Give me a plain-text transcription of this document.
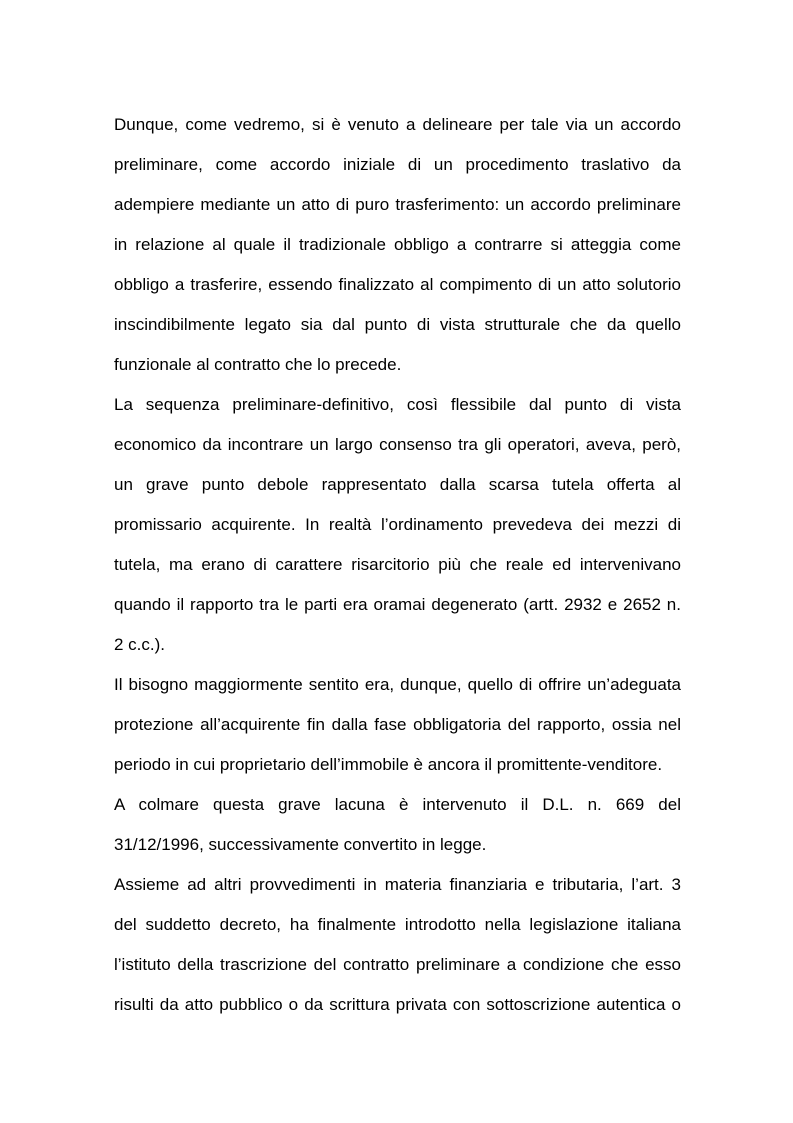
Dunque, come vedremo, si è venuto a delineare per tale via un accordo
preliminare, come accordo iniziale di un procedimento traslativo da
adempiere mediante un atto di puro trasferimento: un accordo preliminare
in relazione al quale il tradizionale obbligo a contrarre si atteggia come
obbligo a trasferire, essendo finalizzato al compimento di un atto solutorio
inscindibilmente legato sia dal punto di vista strutturale che da quello
funzionale al contratto che lo precede.
La sequenza preliminare-definitivo, così flessibile dal punto di vista
economico da incontrare un largo consenso tra gli operatori, aveva, però,
un grave punto debole rappresentato dalla scarsa tutela offerta al
promissario acquirente. In realtà l’ordinamento prevedeva dei mezzi di
tutela, ma erano di carattere risarcitorio più che reale ed intervenivano
quando il rapporto tra le parti era oramai degenerato (artt. 2932 e 2652 n.
2 c.c.).
Il bisogno maggiormente sentito era, dunque, quello di offrire un’adeguata
protezione all’acquirente fin dalla fase obbligatoria del rapporto, ossia nel
periodo in cui proprietario dell’immobile è ancora il promittente-venditore.
A colmare questa grave lacuna è intervenuto il D.L. n. 669 del
31/12/1996, successivamente convertito in legge.
Assieme ad altri provvedimenti in materia finanziaria e tributaria, l’art. 3
del suddetto decreto, ha finalmente introdotto nella legislazione italiana
l’istituto della trascrizione del contratto preliminare a condizione che esso
risulti da atto pubblico o da scrittura privata con sottoscrizione autentica o
